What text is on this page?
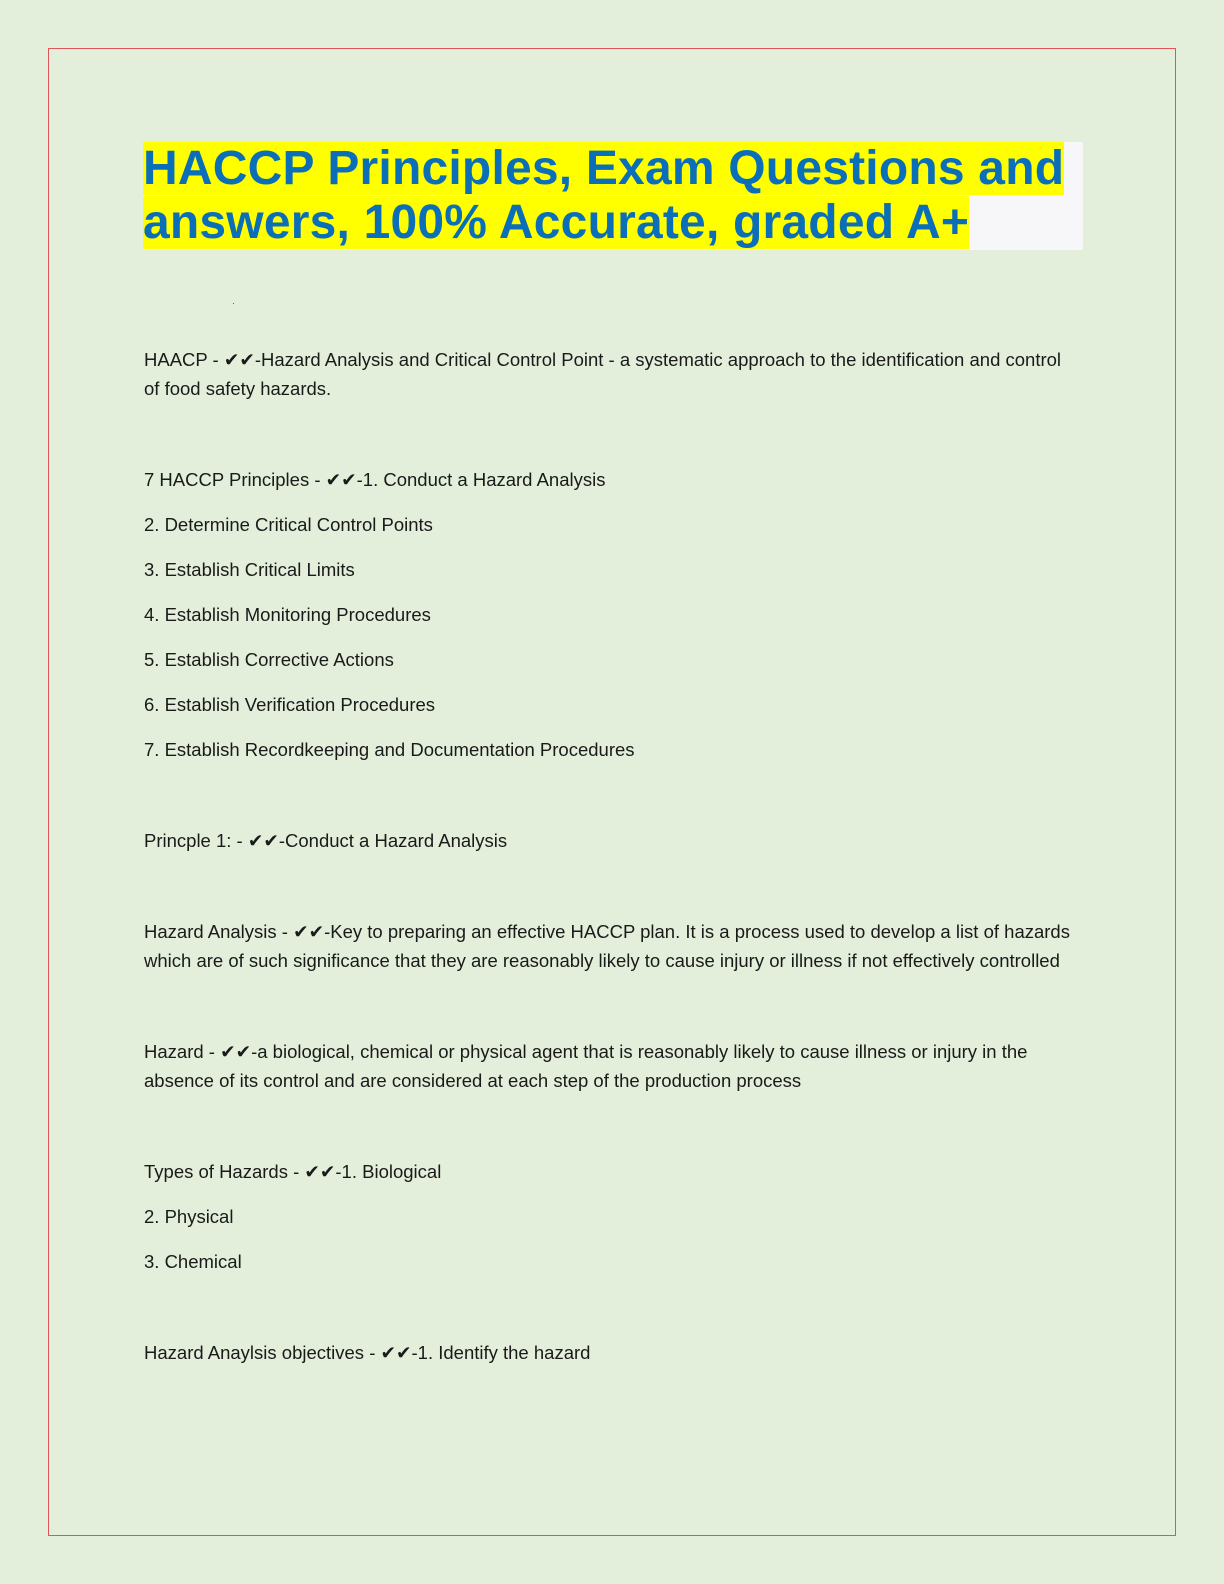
HACCP Principles, Exam Questions and answers, 100% Accurate, graded A+

HAACP - ✔✔-Hazard Analysis and Critical Control Point - a systematic approach to the identification and control of food safety hazards.

7 HACCP Principles - ✔✔-1. Conduct a Hazard Analysis

2. Determine Critical Control Points

3. Establish Critical Limits

4. Establish Monitoring Procedures

5. Establish Corrective Actions

6. Establish Verification Procedures

7. Establish Recordkeeping and Documentation Procedures

Princple 1: - ✔✔-Conduct a Hazard Analysis

Hazard Analysis - ✔✔-Key to preparing an effective HACCP plan. It is a process used to develop a list of hazards which are of such significance that they are reasonably likely to cause injury or illness if not effectively controlled

Hazard - ✔✔-a biological, chemical or physical agent that is reasonably likely to cause illness or injury in the absence of its control and are considered at each step of the production process

Types of Hazards - ✔✔-1. Biological

2. Physical

3. Chemical

Hazard Anaylsis objectives - ✔✔-1. Identify the hazard
